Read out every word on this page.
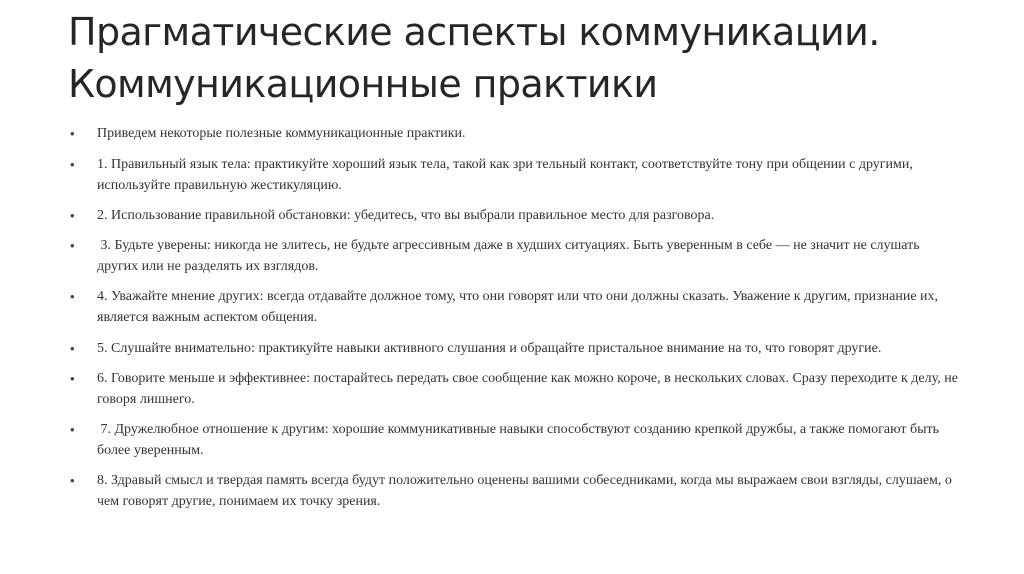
Прагматические аспекты коммуникации.
Коммуникационные практики
• Приведем некоторые полезные коммуникационные практики.
• 1. Правильный язык тела: практикуйте хороший язык тела, такой как зри тельный контакт, соответствуйте тону при общении с другими, используйте правильную жестикуляцию.
• 2. Использование правильной обстановки: убедитесь, что вы выбрали правильное место для разговора.
• 3. Будьте уверены: никогда не злитесь, не будьте агрессивным даже в худших ситуациях. Быть уверенным в себе — не значит не слушать других или не разделять их взглядов.
• 4. Уважайте мнение других: всегда отдавайте должное тому, что они говорят или что они должны сказать. Уважение к другим, признание их, является важным аспектом общения.
• 5. Слушайте внимательно: практикуйте навыки активного слушания и обращайте пристальное внимание на то, что говорят другие.
• 6. Говорите меньше и эффективнее: постарайтесь передать свое сообщение как можно короче, в нескольких словах. Сразу переходите к делу, не говоря лишнего.
• 7. Дружелюбное отношение к другим: хорошие коммуникативные навыки способствуют созданию крепкой дружбы, а также помогают быть более уверенным.
• 8. Здравый смысл и твердая память всегда будут положительно оценены вашими собеседниками, когда мы выражаем свои взгляды, слушаем, о чем говорят другие, понимаем их точку зрения.
